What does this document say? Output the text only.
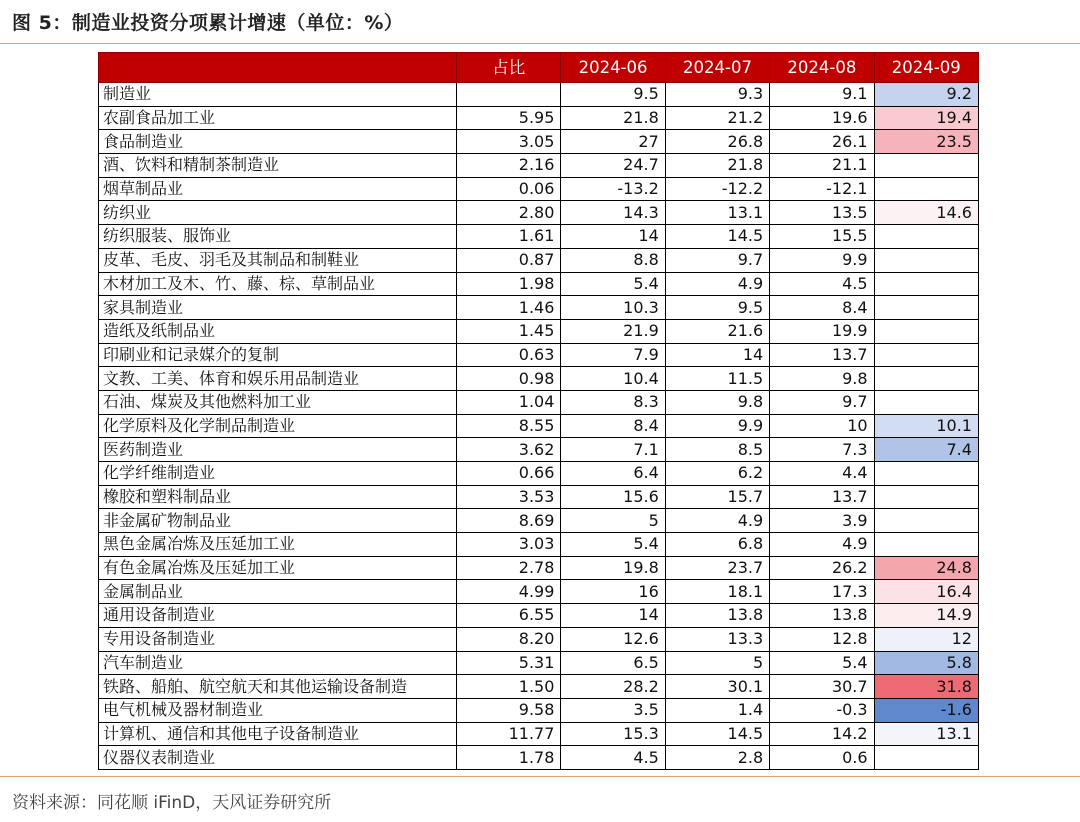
图 5：制造业投资分项累计增速（单位：%）
	占比	2024-06	2024-07	2024-08	2024-09
制造业		9.5	9.3	9.1	9.2
农副食品加工业	5.95	21.8	21.2	19.6	19.4
食品制造业	3.05	27	26.8	26.1	23.5
酒、饮料和精制茶制造业	2.16	24.7	21.8	21.1	
烟草制品业	0.06	-13.2	-12.2	-12.1	
纺织业	2.80	14.3	13.1	13.5	14.6
纺织服装、服饰业	1.61	14	14.5	15.5	
皮革、毛皮、羽毛及其制品和制鞋业	0.87	8.8	9.7	9.9	
木材加工及木、竹、藤、棕、草制品业	1.98	5.4	4.9	4.5	
家具制造业	1.46	10.3	9.5	8.4	
造纸及纸制品业	1.45	21.9	21.6	19.9	
印刷业和记录媒介的复制	0.63	7.9	14	13.7	
文教、工美、体育和娱乐用品制造业	0.98	10.4	11.5	9.8	
石油、煤炭及其他燃料加工业	1.04	8.3	9.8	9.7	
化学原料及化学制品制造业	8.55	8.4	9.9	10	10.1
医药制造业	3.62	7.1	8.5	7.3	7.4
化学纤维制造业	0.66	6.4	6.2	4.4	
橡胶和塑料制品业	3.53	15.6	15.7	13.7	
非金属矿物制品业	8.69	5	4.9	3.9	
黑色金属冶炼及压延加工业	3.03	5.4	6.8	4.9	
有色金属冶炼及压延加工业	2.78	19.8	23.7	26.2	24.8
金属制品业	4.99	16	18.1	17.3	16.4
通用设备制造业	6.55	14	13.8	13.8	14.9
专用设备制造业	8.20	12.6	13.3	12.8	12
汽车制造业	5.31	6.5	5	5.4	5.8
铁路、船舶、航空航天和其他运输设备制造	1.50	28.2	30.1	30.7	31.8
电气机械及器材制造业	9.58	3.5	1.4	-0.3	-1.6
计算机、通信和其他电子设备制造业	11.77	15.3	14.5	14.2	13.1
仪器仪表制造业	1.78	4.5	2.8	0.6	
资料来源：同花顺 iFinD，天风证券研究所
